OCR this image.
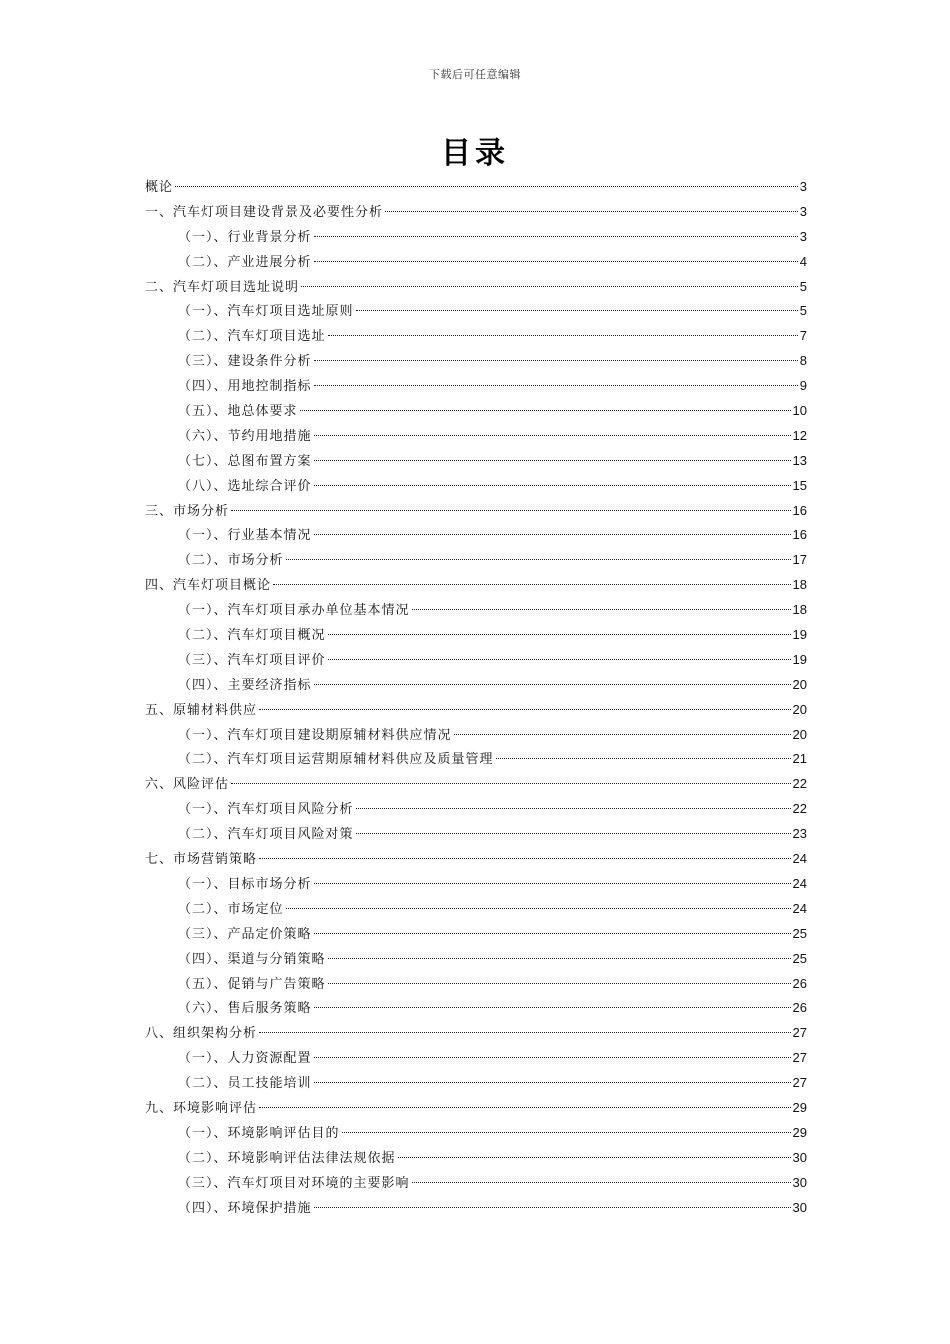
下载后可任意编辑
目录
概论	3
一、汽车灯项目建设背景及必要性分析	3
（一）、行业背景分析	3
（二）、产业进展分析	4
二、汽车灯项目选址说明	5
（一）、汽车灯项目选址原则	5
（二）、汽车灯项目选址	7
（三）、建设条件分析	8
（四）、用地控制指标	9
（五）、地总体要求	10
（六）、节约用地措施	12
（七）、总图布置方案	13
（八）、选址综合评价	15
三、市场分析	16
（一）、行业基本情况	16
（二）、市场分析	17
四、汽车灯项目概论	18
（一）、汽车灯项目承办单位基本情况	18
（二）、汽车灯项目概况	19
（三）、汽车灯项目评价	19
（四）、主要经济指标	20
五、原辅材料供应	20
（一）、汽车灯项目建设期原辅材料供应情况	20
（二）、汽车灯项目运营期原辅材料供应及质量管理	21
六、风险评估	22
（一）、汽车灯项目风险分析	22
（二）、汽车灯项目风险对策	23
七、市场营销策略	24
（一）、目标市场分析	24
（二）、市场定位	24
（三）、产品定价策略	25
（四）、渠道与分销策略	25
（五）、促销与广告策略	26
（六）、售后服务策略	26
八、组织架构分析	27
（一）、人力资源配置	27
（二）、员工技能培训	27
九、环境影响评估	29
（一）、环境影响评估目的	29
（二）、环境影响评估法律法规依据	30
（三）、汽车灯项目对环境的主要影响	30
（四）、环境保护措施	30
